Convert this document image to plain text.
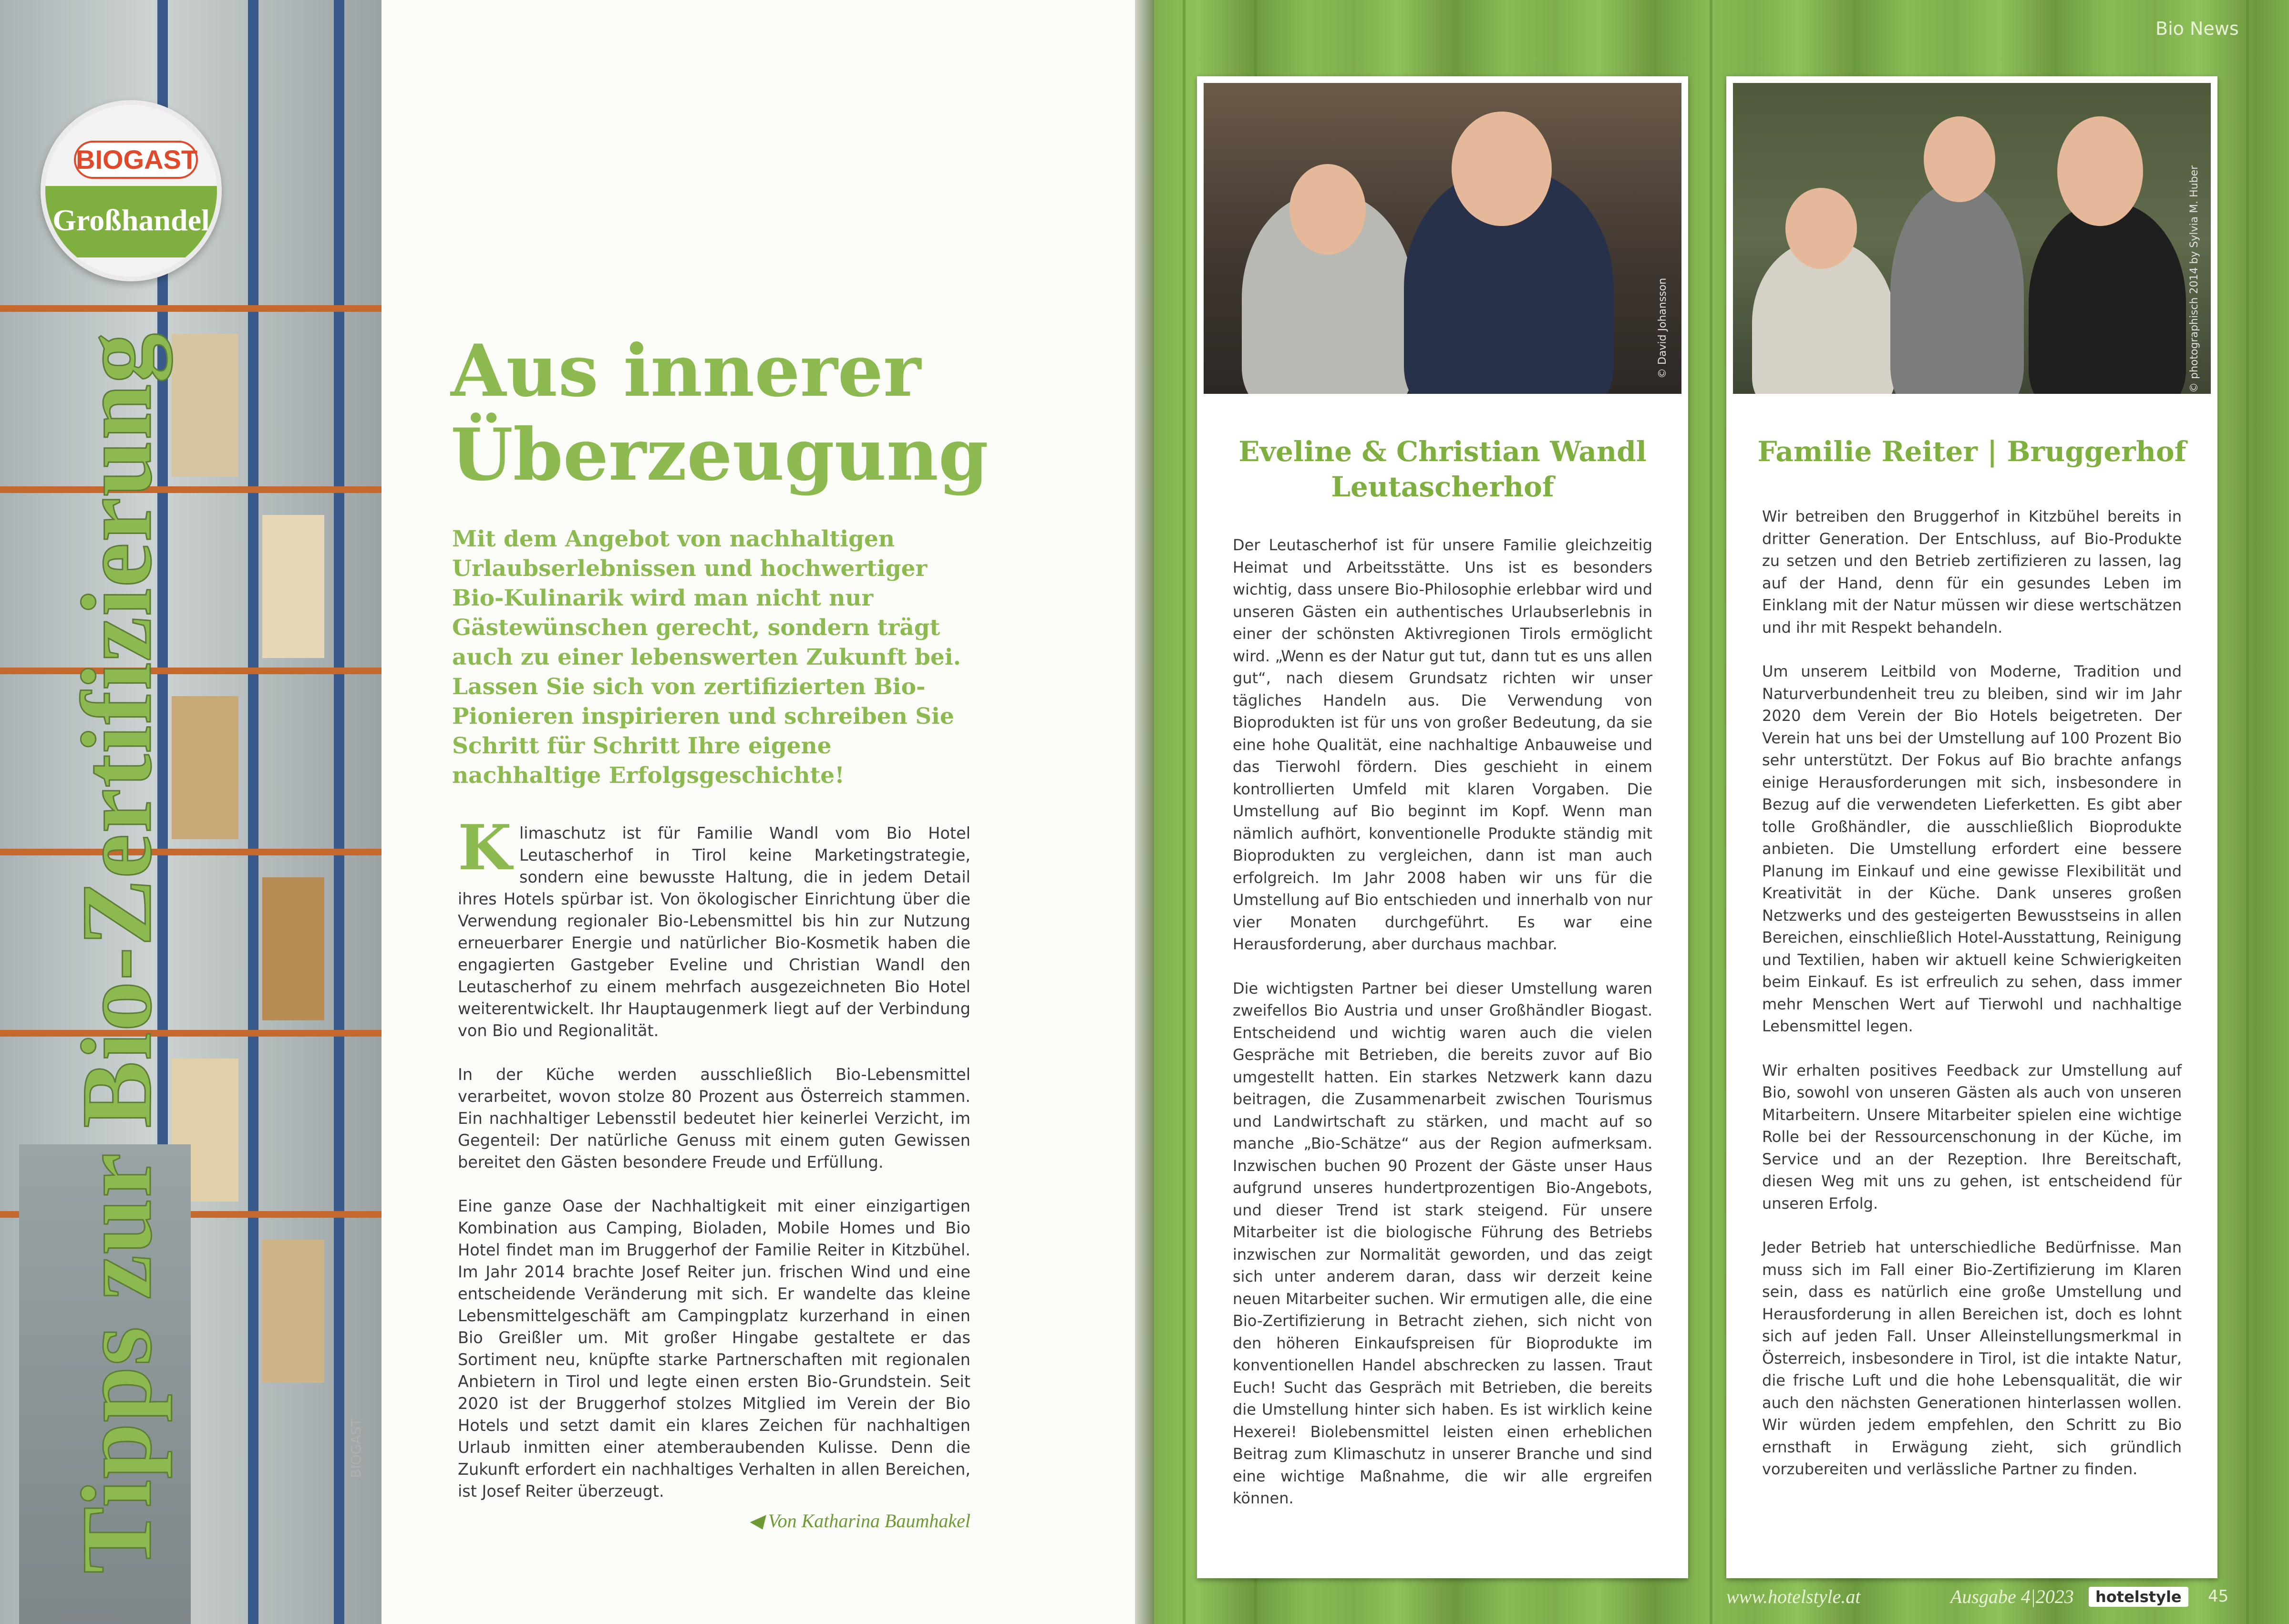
BIOGAST
Großhandel
Tipps zur Bio-Zertifizierung	BIOGAST
Aus innerer Überzeugung
Mit dem Angebot von nachhaltigen Urlaubserlebnissen und hochwertiger Bio-Kulinarik wird man nicht nur Gästewünschen gerecht, sondern trägt auch zu einer lebenswerten Zukunft bei. Lassen Sie sich von zertifizierten Bio-Pionieren inspirieren und schreiben Sie Schritt für Schritt Ihre eigene nachhaltige Erfolgsgeschichte!

Klimaschutz ist für Familie Wandl vom Bio Hotel Leutascherhof in Tirol keine Marketingstrategie, sondern eine bewusste Haltung, die in jedem Detail ihres Hotels spürbar ist. Von ökologischer Einrichtung über die Verwendung regionaler Bio-Lebensmittel bis hin zur Nutzung erneuerbarer Energie und natürlicher Bio-Kosmetik haben die engagierten Gastgeber Eveline und Christian Wandl den Leutascherhof zu einem mehrfach ausgezeichneten Bio Hotel weiterentwickelt. Ihr Hauptaugenmerk liegt auf der Verbindung von Bio und Regionalität.

In der Küche werden ausschließlich Bio-Lebensmittel verarbeitet, wovon stolze 80 Prozent aus Österreich stammen. Ein nachhaltiger Lebensstil bedeutet hier keinerlei Verzicht, im Gegenteil: Der natürliche Genuss mit einem guten Gewissen bereitet den Gästen besondere Freude und Erfüllung.

Eine ganze Oase der Nachhaltigkeit mit einer einzigartigen Kombination aus Camping, Bioladen, Mobile Homes und Bio Hotel findet man im Bruggerhof der Familie Reiter in Kitzbühel. Im Jahr 2014 brachte Josef Reiter jun. frischen Wind und eine entscheidende Veränderung mit sich. Er wandelte das kleine Lebensmittelgeschäft am Campingplatz kurzerhand in einen Bio Greißler um. Mit großer Hingabe gestaltete er das Sortiment neu, knüpfte starke Partnerschaften mit regionalen Anbietern in Tirol und legte einen ersten Bio-Grundstein. Seit 2020 ist der Bruggerhof stolzes Mitglied im Verein der Bio Hotels und setzt damit ein klares Zeichen für nachhaltigen Urlaub inmitten einer atemberaubenden Kulisse. Denn die Zukunft erfordert ein nachhaltiges Verhalten in allen Bereichen, ist Josef Reiter überzeugt.

◀ Von Katharina Baumhakel
Bio News
© David Johansson
Eveline & Christian Wandl Leutascherhof

Der Leutascherhof ist für unsere Familie gleichzeitig Heimat und Arbeitsstätte. Uns ist es besonders wichtig, dass unsere Bio-Philosophie erlebbar wird und unseren Gästen ein authentisches Urlaubserlebnis in einer der schönsten Aktivregionen Tirols ermöglicht wird. „Wenn es der Natur gut tut, dann tut es uns allen gut“, nach diesem Grundsatz richten wir unser tägliches Handeln aus. Die Verwendung von Bioprodukten ist für uns von großer Bedeutung, da sie eine hohe Qualität, eine nachhaltige Anbauweise und das Tierwohl fördern. Dies geschieht in einem kontrollierten Umfeld mit klaren Vorgaben. Die Umstellung auf Bio beginnt im Kopf. Wenn man nämlich aufhört, konventionelle Produkte ständig mit Bioprodukten zu vergleichen, dann ist man auch erfolgreich. Im Jahr 2008 haben wir uns für die Umstellung auf Bio entschieden und innerhalb von nur vier Monaten durchgeführt. Es war eine Herausforderung, aber durchaus machbar.

Die wichtigsten Partner bei dieser Umstellung waren zweifellos Bio Austria und unser Großhändler Biogast. Entscheidend und wichtig waren auch die vielen Gespräche mit Betrieben, die bereits zuvor auf Bio umgestellt hatten. Ein starkes Netzwerk kann dazu beitragen, die Zusammenarbeit zwischen Tourismus und Landwirtschaft zu stärken, und macht auf so manche „Bio-Schätze“ aus der Region aufmerksam. Inzwischen buchen 90 Prozent der Gäste unser Haus aufgrund unseres hundertprozentigen Bio-Angebots, und dieser Trend ist stark steigend. Für unsere Mitarbeiter ist die biologische Führung des Betriebs inzwischen zur Normalität geworden, und das zeigt sich unter anderem daran, dass wir derzeit keine neuen Mitarbeiter suchen. Wir ermutigen alle, die eine Bio-Zertifizierung in Betracht ziehen, sich nicht von den höheren Einkaufspreisen für Bioprodukte im konventionellen Handel abschrecken zu lassen. Traut Euch! Sucht das Gespräch mit Betrieben, die bereits die Umstellung hinter sich haben. Es ist wirklich keine Hexerei! Biolebensmittel leisten einen erheblichen Beitrag zum Klimaschutz in unserer Branche und sind eine wichtige Maßnahme, die wir alle ergreifen können.

© photographisch 2014 by Sylvia M. Huber
Familie Reiter | Bruggerhof

Wir betreiben den Bruggerhof in Kitzbühel bereits in dritter Generation. Der Entschluss, auf Bio-Produkte zu setzen und den Betrieb zertifizieren zu lassen, lag auf der Hand, denn für ein gesundes Leben im Einklang mit der Natur müssen wir diese wertschätzen und ihr mit Respekt behandeln.

Um unserem Leitbild von Moderne, Tradition und Naturverbundenheit treu zu bleiben, sind wir im Jahr 2020 dem Verein der Bio Hotels beigetreten. Der Verein hat uns bei der Umstellung auf 100 Prozent Bio sehr unterstützt. Der Fokus auf Bio brachte anfangs einige Herausforderungen mit sich, insbesondere in Bezug auf die verwendeten Lieferketten. Es gibt aber tolle Großhändler, die ausschließlich Bioprodukte anbieten. Die Umstellung erfordert eine bessere Planung im Einkauf und eine gewisse Flexibilität und Kreativität in der Küche. Dank unseres großen Netzwerks und des gesteigerten Bewusstseins in allen Bereichen, einschließlich Hotel-Ausstattung, Reinigung und Textilien, haben wir aktuell keine Schwierigkeiten beim Einkauf. Es ist erfreulich zu sehen, dass immer mehr Menschen Wert auf Tierwohl und nachhaltige Lebensmittel legen.

Wir erhalten positives Feedback zur Umstellung auf Bio, sowohl von unseren Gästen als auch von unseren Mitarbeitern. Unsere Mitarbeiter spielen eine wichtige Rolle bei der Ressourcenschonung in der Küche, im Service und an der Rezeption. Ihre Bereitschaft, diesen Weg mit uns zu gehen, ist entscheidend für unseren Erfolg.

Jeder Betrieb hat unterschiedliche Bedürfnisse. Man muss sich im Fall einer Bio-Zertifizierung im Klaren sein, dass es natürlich eine große Umstellung und Herausforderung in allen Bereichen ist, doch es lohnt sich auf jeden Fall. Unser Alleinstellungsmerkmal in Österreich, insbesondere in Tirol, ist die intakte Natur, die frische Luft und die hohe Lebensqualität, die wir auch den nächsten Generationen hinterlassen wollen. Wir würden jedem empfehlen, den Schritt zu Bio ernsthaft in Erwägung zieht, sich gründlich vorzubereiten und verlässliche Partner zu finden.

www.hotelstyle.at	Ausgabe 4|2023	hotelstyle	45
